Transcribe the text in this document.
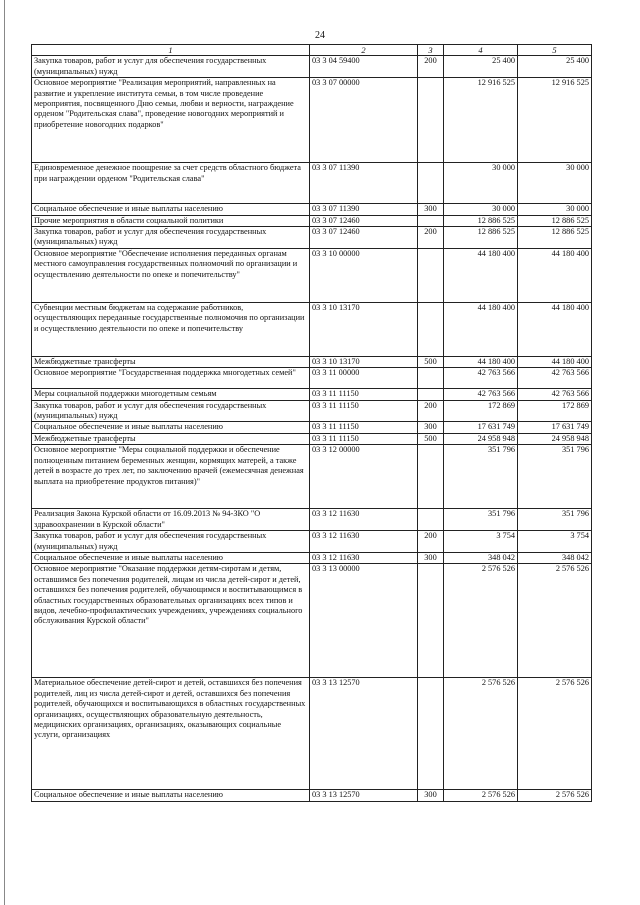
24
1	2	3	4	5
Закупка товаров, работ и услуг для обеспечения государственных (муниципальных) нужд	03 3 04 59400	200	25 400	25 400
Основное мероприятие "Реализация мероприятий, направленных на развитие и укрепление института семьи, в том числе проведение мероприятия, посвященного Дню семьи, любви и верности, награждение орденом "Родительская слава", проведение новогодних мероприятий и приобретение новогодних подарков"	03 3 07 00000		12 916 525	12 916 525
Единовременное денежное поощрение за счет средств областного бюджета при награждении орденом "Родительская слава"	03 3 07 11390		30 000	30 000
Социальное обеспечение и иные выплаты населению	03 3 07 11390	300	30 000	30 000
Прочие мероприятия в области социальной политики	03 3 07 12460		12 886 525	12 886 525
Закупка товаров, работ и услуг для обеспечения государственных (муниципальных) нужд	03 3 07 12460	200	12 886 525	12 886 525
Основное мероприятие "Обеспечение исполнения переданных органам местного самоуправления государственных полномочий по организации и осуществлению деятельности по опеке и попечительству"	03 3 10 00000		44 180 400	44 180 400
Субвенции местным бюджетам на содержание работников, осуществляющих переданные государственные полномочия по организации и осуществлению деятельности по опеке и попечительству	03 3 10 13170		44 180 400	44 180 400
Межбюджетные трансферты	03 3 10 13170	500	44 180 400	44 180 400
Основное мероприятие "Государственная поддержка многодетных семей"	03 3 11 00000		42 763 566	42 763 566
Меры социальной поддержки многодетным семьям	03 3 11 11150		42 763 566	42 763 566
Закупка товаров, работ и услуг для обеспечения государственных (муниципальных) нужд	03 3 11 11150	200	172 869	172 869
Социальное обеспечение и иные выплаты населению	03 3 11 11150	300	17 631 749	17 631 749
Межбюджетные трансферты	03 3 11 11150	500	24 958 948	24 958 948
Основное мероприятие "Меры социальной поддержки и обеспечение полноценным питанием беременных женщин, кормящих матерей, а также детей в возрасте до трех лет, по заключению врачей (ежемесячная денежная выплата на приобретение продуктов питания)"	03 3 12 00000		351 796	351 796
Реализация Закона Курской области от 16.09.2013 № 94-ЗКО "О здравоохранении в Курской области"	03 3 12 11630		351 796	351 796
Закупка товаров, работ и услуг для обеспечения государственных (муниципальных) нужд	03 3 12 11630	200	3 754	3 754
Социальное обеспечение и иные выплаты населению	03 3 12 11630	300	348 042	348 042
Основное мероприятие "Оказание поддержки детям-сиротам и детям, оставшимся без попечения родителей, лицам из числа детей-сирот и детей, оставшихся без попечения родителей, обучающимся и воспитывающимся в областных государственных образовательных организациях всех типов и видов, лечебно-профилактических учреждениях, учреждениях социального обслуживания Курской области"	03 3 13 00000		2 576 526	2 576 526
Материальное обеспечение детей-сирот и детей, оставшихся без попечения родителей, лиц из числа детей-сирот и детей, оставшихся без попечения родителей, обучающихся и воспитывающихся в областных государственных организациях, осуществляющих образовательную деятельность, медицинских организациях, организациях, оказывающих социальные услуги, организациях	03 3 13 12570		2 576 526	2 576 526
Социальное обеспечение и иные выплаты населению	03 3 13 12570	300	2 576 526	2 576 526
